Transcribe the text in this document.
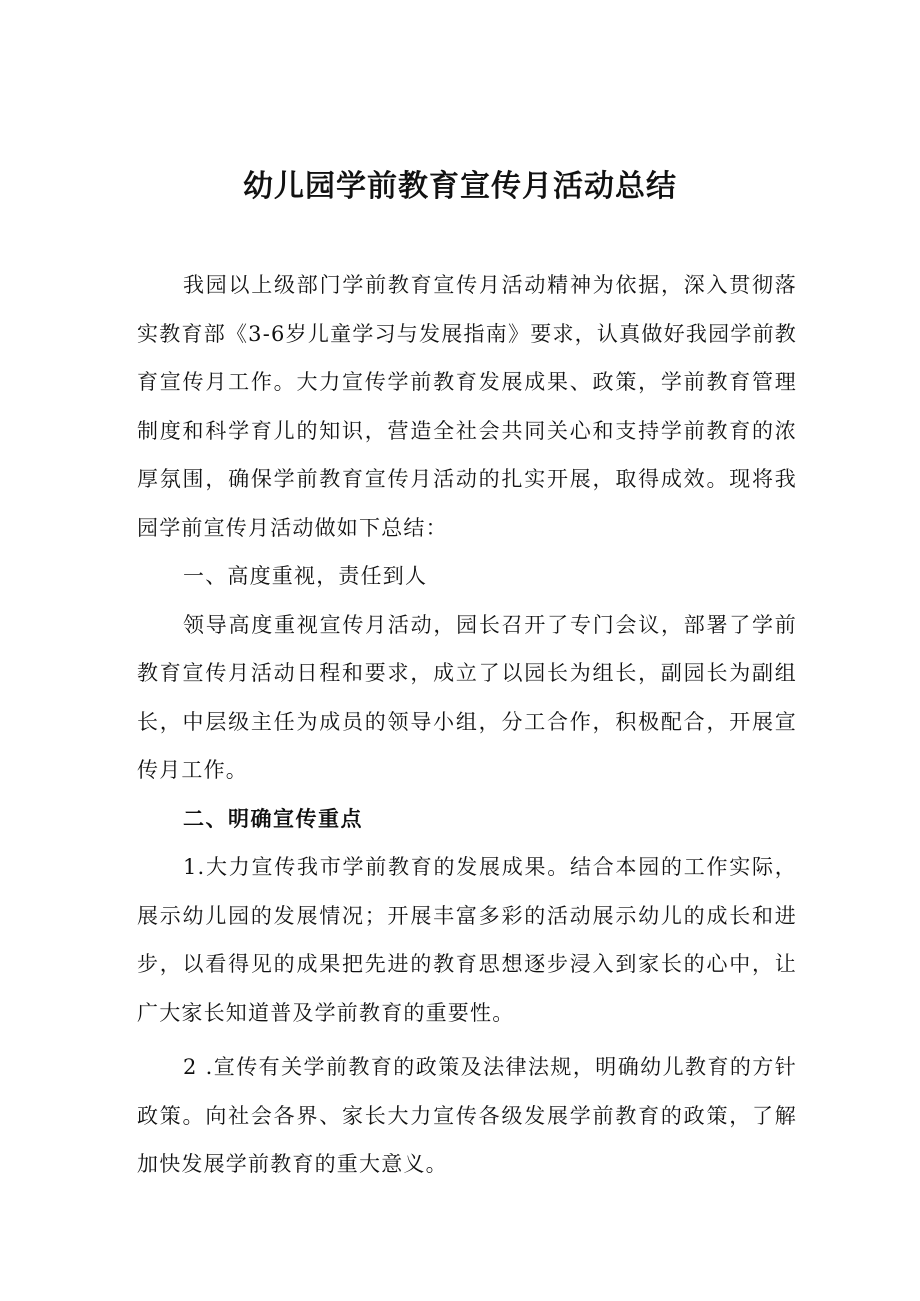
幼儿园学前教育宣传月活动总结

我园以上级部门学前教育宣传月活动精神为依据，深入贯彻落实教育部《3-6岁儿童学习与发展指南》要求，认真做好我园学前教育宣传月工作。大力宣传学前教育发展成果、政策，学前教育管理制度和科学育儿的知识，营造全社会共同关心和支持学前教育的浓厚氛围，确保学前教育宣传月活动的扎实开展，取得成效。现将我园学前宣传月活动做如下总结：

一、高度重视，责任到人

领导高度重视宣传月活动，园长召开了专门会议，部署了学前教育宣传月活动日程和要求，成立了以园长为组长，副园长为副组长，中层级主任为成员的领导小组，分工合作，积极配合，开展宣传月工作。

二、明确宣传重点

1.大力宣传我市学前教育的发展成果。结合本园的工作实际，展示幼儿园的发展情况；开展丰富多彩的活动展示幼儿的成长和进步，以看得见的成果把先进的教育思想逐步浸入到家长的心中，让广大家长知道普及学前教育的重要性。

2 .宣传有关学前教育的政策及法律法规，明确幼儿教育的方针政策。向社会各界、家长大力宣传各级发展学前教育的政策，了解加快发展学前教育的重大意义。
